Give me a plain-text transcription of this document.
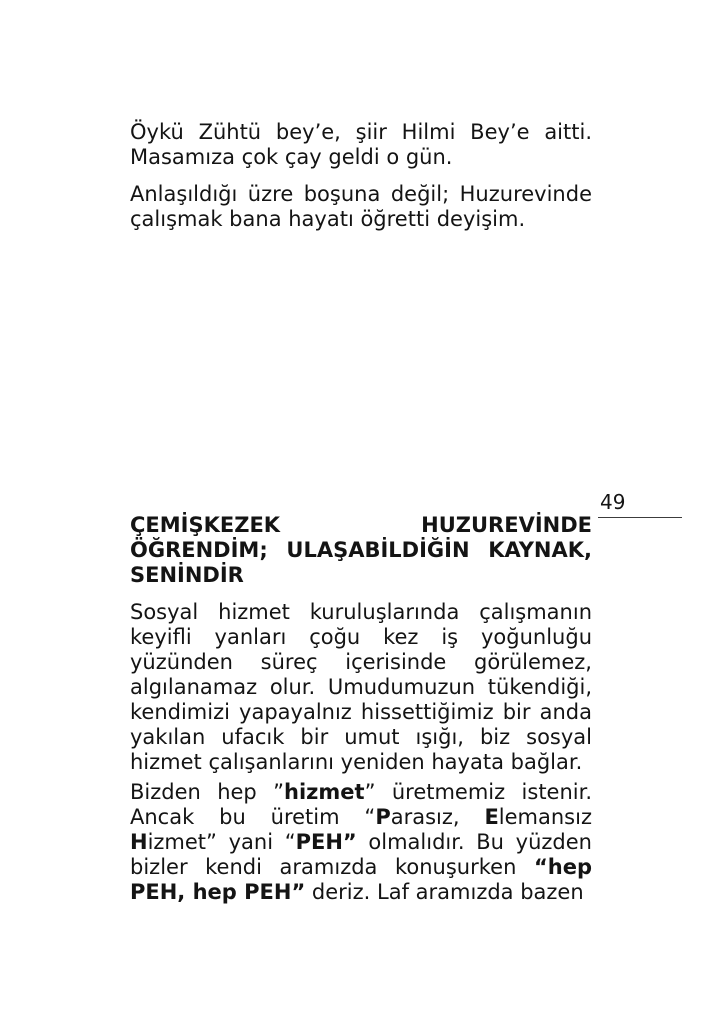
49
Öykü Zühtü bey’e, şiir Hilmi Bey’e aitti.
Masamıza çok çay geldi o gün.
Anlaşıldığı üzre boşuna değil; Huzurevinde
çalışmak bana hayatı öğretti deyişim.
ÇEMİŞKEZEK HUZUREVİNDE
ÖĞRENDİM; ULAŞABİLDİĞİN KAYNAK,
SENİNDİR
Sosyal hizmet kuruluşlarında çalışmanın
keyifli yanları çoğu kez iş yoğunluğu
yüzünden süreç içerisinde görülemez,
algılanamaz olur. Umudumuzun tükendiği,
kendimizi yapayalnız hissettiğimiz bir anda
yakılan ufacık bir umut ışığı, biz sosyal
hizmet çalışanlarını yeniden hayata bağlar.
Bizden hep ”hizmet” üretmemiz istenir.
Ancak bu üretim “Parasız, Elemansız
Hizmet” yani “PEH” olmalıdır. Bu yüzden
bizler kendi aramızda konuşurken “hep
PEH, hep PEH” deriz. Laf aramızda bazen
